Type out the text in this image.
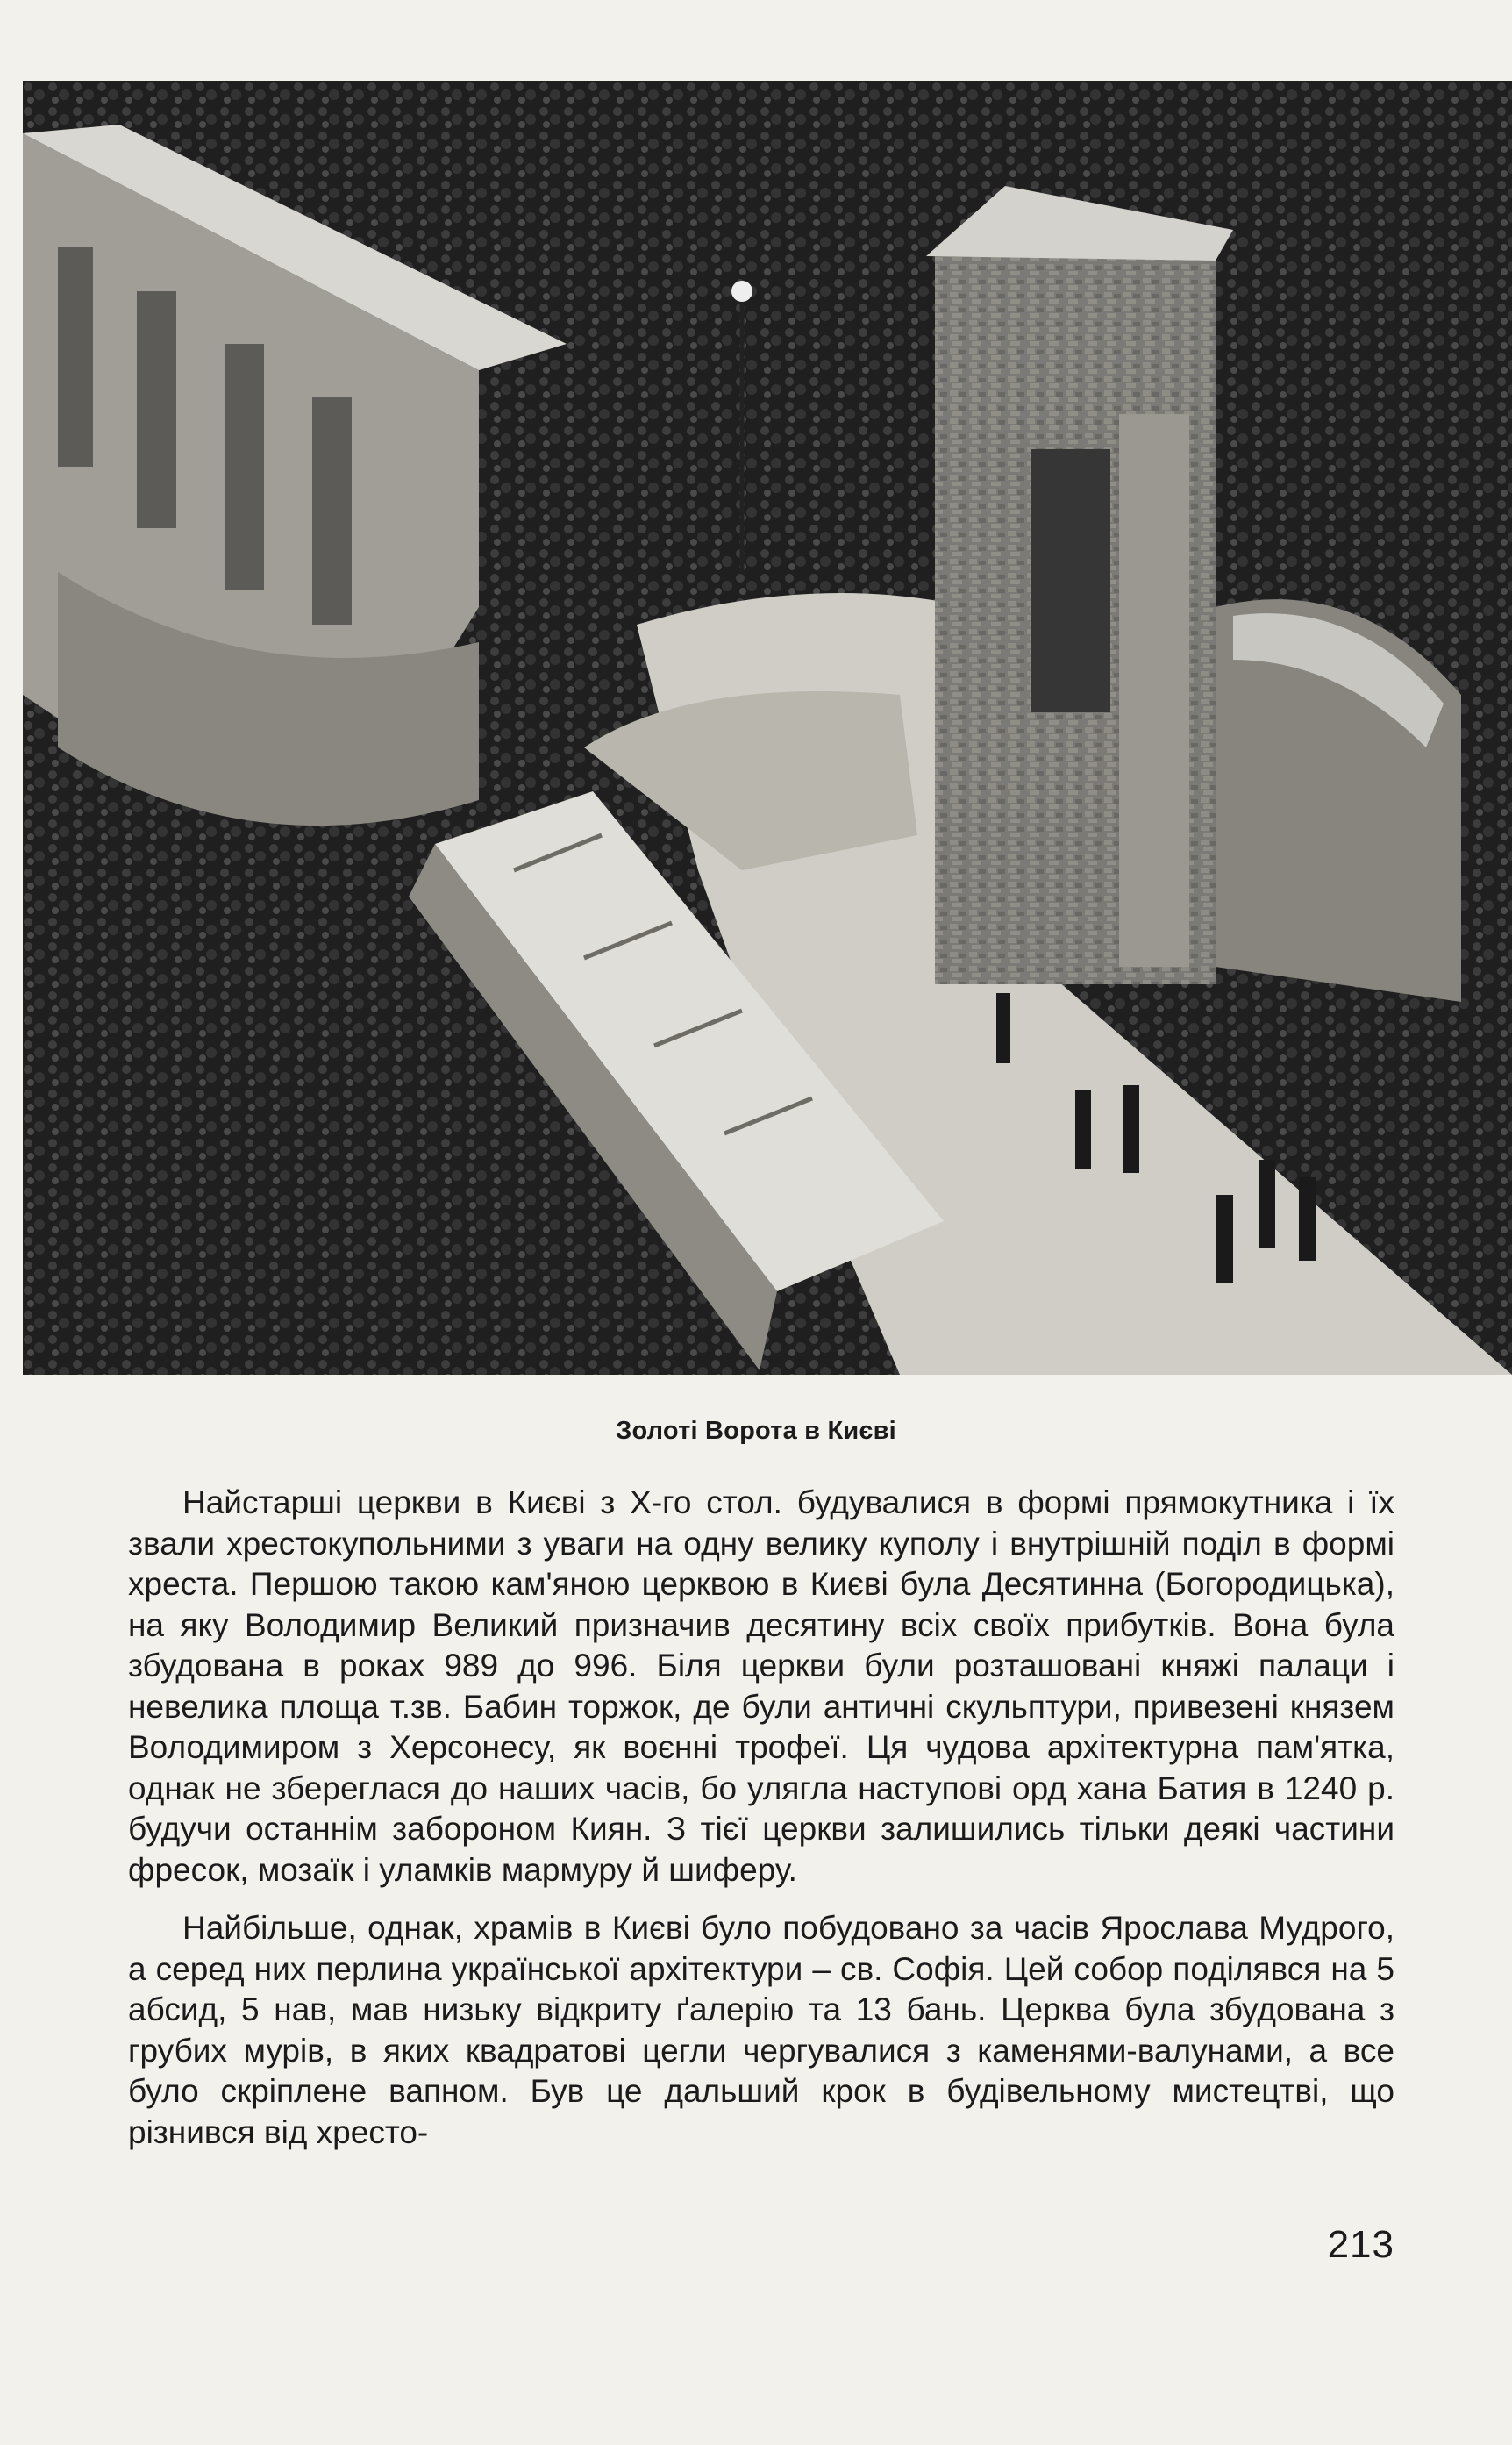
Золоті Ворота в Києві

Найстарші церкви в Києві з Х-го стол. будувалися в формі прямокутника і їх звали хрестокупольними з уваги на одну велику куполу і внутрішній поділ в формі хреста. Першою такою кам'яною церквою в Києві була Десятинна (Богородицька), на яку Володимир Великий призначив десятину всіх своїх прибутків. Вона була збудована в роках 989 до 996. Біля церкви були розташовані княжі палаци і невелика площа т.зв. Бабин торжок, де були античні скульптури, привезені князем Володимиром з Херсонесу, як воєнні трофеї. Ця чудова архітектурна пам'ятка, однак не збереглася до наших часів, бо улягла наступові орд хана Батия в 1240 р. будучи останнім забороном Киян. З тієї церкви залишились тільки деякі частини фресок, мозаїк і уламків мармуру й шиферу.

Найбільше, однак, храмів в Києві було побудовано за часів Ярослава Мудрого, а серед них перлина української архітектури – св. Софія. Цей собор поділявся на 5 абсид, 5 нав, мав низьку відкриту ґалерію та 13 бань. Церква була збудована з грубих мурів, в яких квадратові цегли чергувалися з каменями-валунами, а все було скріплене вапном. Був це дальший крок в будівельному мистецтві, що різнився від хресто-

213
